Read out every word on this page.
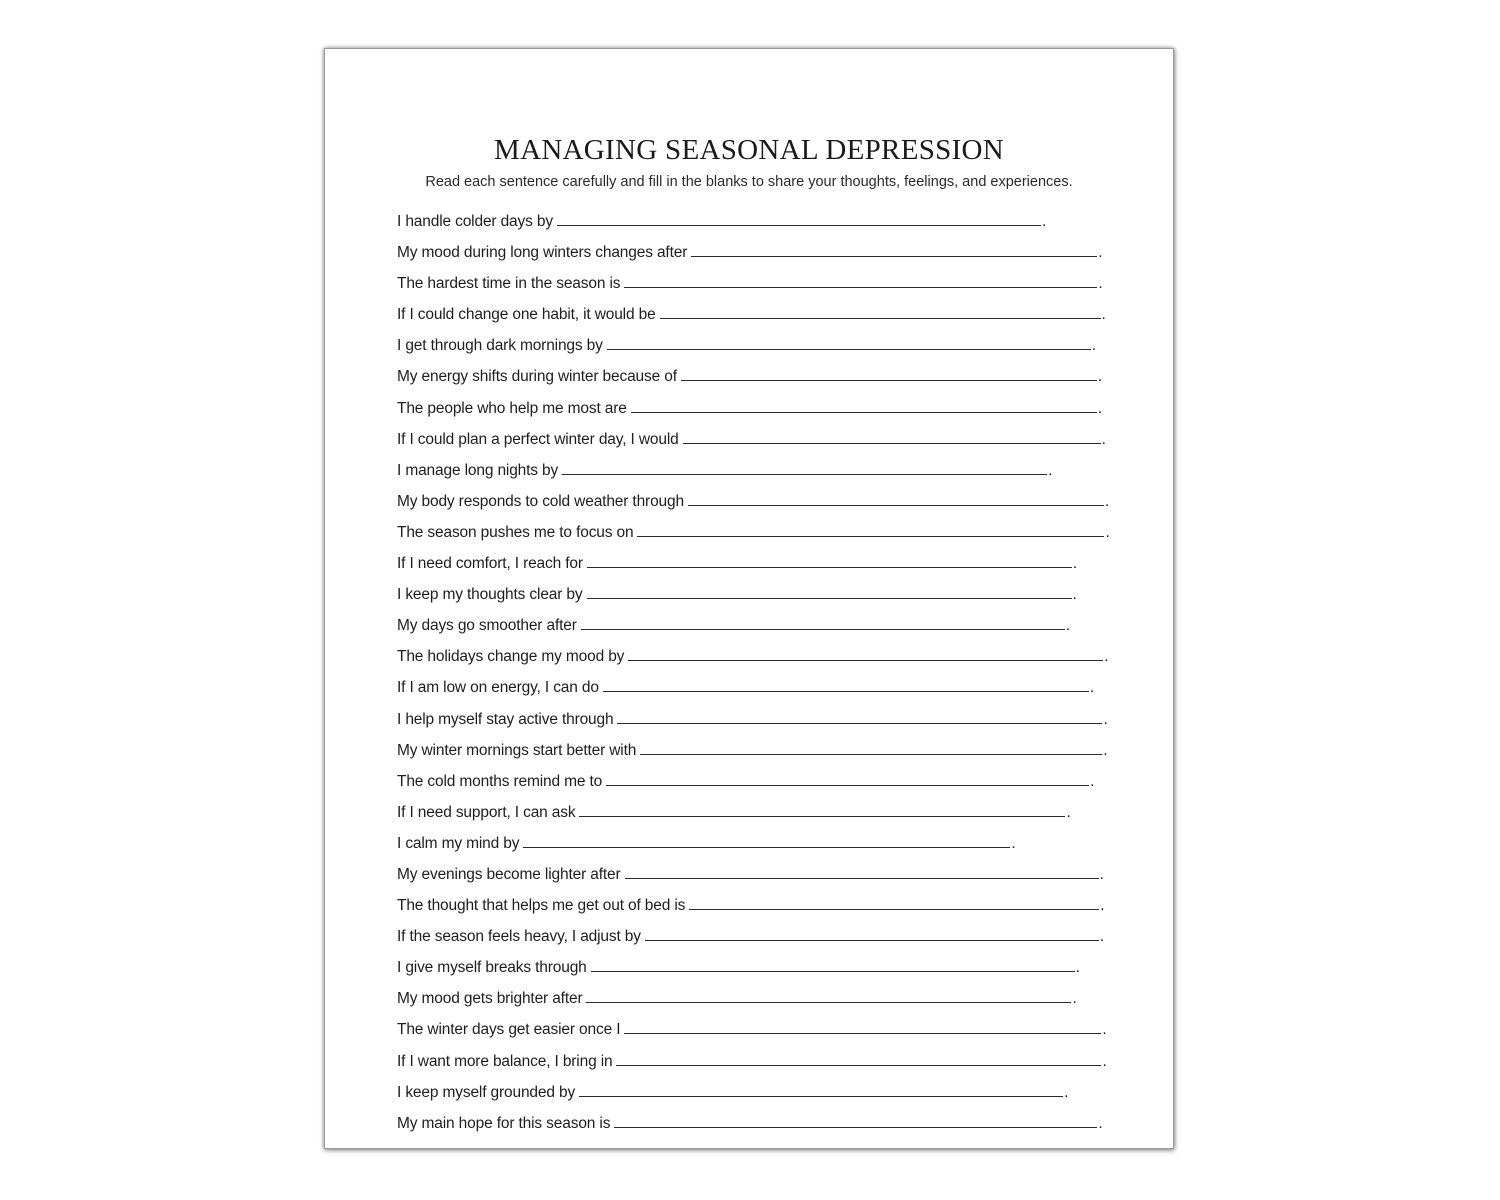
MANAGING SEASONAL DEPRESSION
Read each sentence carefully and fill in the blanks to share your thoughts, feelings, and experiences.
I handle colder days by	.
My mood during long winters changes after	.
The hardest time in the season is	.
If I could change one habit, it would be	.
I get through dark mornings by	.
My energy shifts during winter because of	.
The people who help me most are	.
If I could plan a perfect winter day, I would	.
I manage long nights by	.
My body responds to cold weather through	.
The season pushes me to focus on	.
If I need comfort, I reach for	.
I keep my thoughts clear by	.
My days go smoother after	.
The holidays change my mood by	.
If I am low on energy, I can do	.
I help myself stay active through	.
My winter mornings start better with	.
The cold months remind me to	.
If I need support, I can ask	.
I calm my mind by	.
My evenings become lighter after	.
The thought that helps me get out of bed is	.
If the season feels heavy, I adjust by	.
I give myself breaks through	.
My mood gets brighter after	.
The winter days get easier once I	.
If I want more balance, I bring in	.
I keep myself grounded by	.
My main hope for this season is	.
